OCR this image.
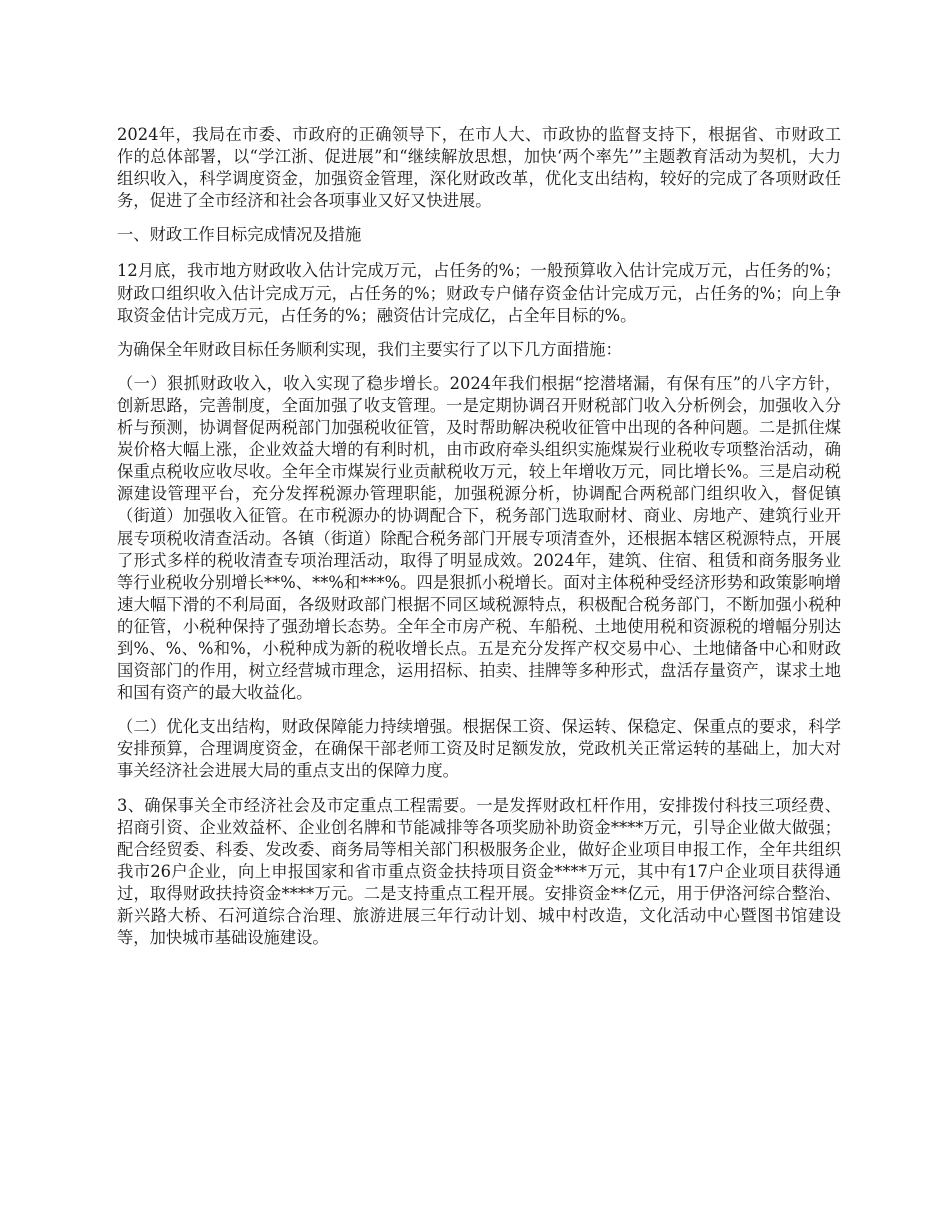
2024年，我局在市委、市政府的正确领导下，在市人大、市政协的监督支持下，根据省、市财政工作的总体部署，以“学江浙、促进展”和“继续解放思想，加快‘两个率先’”主题教育活动为契机，大力组织收入，科学调度资金，加强资金管理，深化财政改革，优化支出结构，较好的完成了各项财政任务，促进了全市经济和社会各项事业又好又快进展。

一、财政工作目标完成情况及措施

12月底，我市地方财政收入估计完成万元，占任务的%；一般预算收入估计完成万元，占任务的%；财政口组织收入估计完成万元，占任务的%；财政专户储存资金估计完成万元，占任务的%；向上争取资金估计完成万元，占任务的%；融资估计完成亿，占全年目标的%。

为确保全年财政目标任务顺利实现，我们主要实行了以下几方面措施：

（一）狠抓财政收入，收入实现了稳步增长。2024年我们根据“挖潜堵漏，有保有压”的八字方针，创新思路，完善制度，全面加强了收支管理。一是定期协调召开财税部门收入分析例会，加强收入分析与预测，协调督促两税部门加强税收征管，及时帮助解决税收征管中出现的各种问题。二是抓住煤炭价格大幅上涨，企业效益大增的有利时机，由市政府牵头组织实施煤炭行业税收专项整治活动，确保重点税收应收尽收。全年全市煤炭行业贡献税收万元，较上年增收万元，同比增长%。三是启动税源建设管理平台，充分发挥税源办管理职能，加强税源分析，协调配合两税部门组织收入，督促镇（街道）加强收入征管。在市税源办的协调配合下，税务部门选取耐材、商业、房地产、建筑行业开展专项税收清查活动。各镇（街道）除配合税务部门开展专项清查外，还根据本辖区税源特点，开展了形式多样的税收清查专项治理活动，取得了明显成效。2024年，建筑、住宿、租赁和商务服务业等行业税收分别增长**%、**%和***%。四是狠抓小税增长。面对主体税种受经济形势和政策影响增速大幅下滑的不利局面，各级财政部门根据不同区域税源特点，积极配合税务部门，不断加强小税种的征管，小税种保持了强劲增长态势。全年全市房产税、车船税、土地使用税和资源税的增幅分别达到%、%、%和%，小税种成为新的税收增长点。五是充分发挥产权交易中心、土地储备中心和财政国资部门的作用，树立经营城市理念，运用招标、拍卖、挂牌等多种形式，盘活存量资产，谋求土地和国有资产的最大收益化。

（二）优化支出结构，财政保障能力持续增强。根据保工资、保运转、保稳定、保重点的要求，科学安排预算，合理调度资金，在确保干部老师工资及时足额发放，党政机关正常运转的基础上，加大对事关经济社会进展大局的重点支出的保障力度。

3、确保事关全市经济社会及市定重点工程需要。一是发挥财政杠杆作用，安排拨付科技三项经费、招商引资、企业效益杯、企业创名牌和节能减排等各项奖励补助资金****万元，引导企业做大做强；配合经贸委、科委、发改委、商务局等相关部门积极服务企业，做好企业项目申报工作，全年共组织我市26户企业，向上申报国家和省市重点资金扶持项目资金****万元，其中有17户企业项目获得通过，取得财政扶持资金****万元。二是支持重点工程开展。安排资金**亿元，用于伊洛河综合整治、新兴路大桥、石河道综合治理、旅游进展三年行动计划、城中村改造，文化活动中心暨图书馆建设等，加快城市基础设施建设。
